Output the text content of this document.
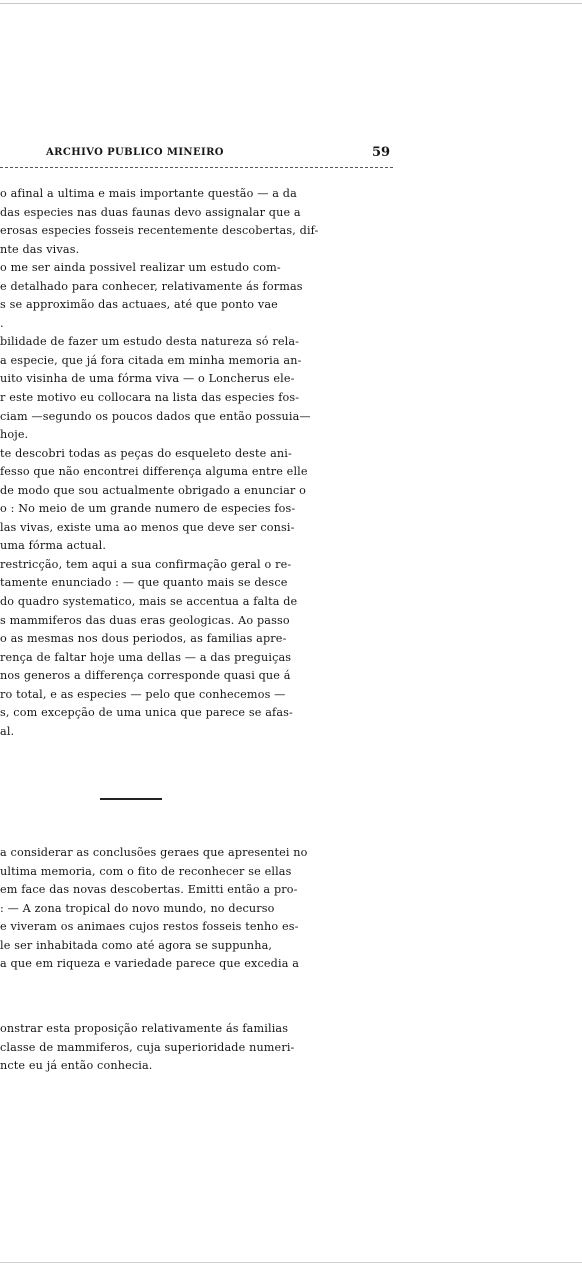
ARCHIVO PUBLICO MINEIRO	59
o afinal a ultima e mais importante questão — a da
das especies nas duas faunas devo assignalar que a
erosas especies fosseis recentemente descobertas, dif-
nte das vivas.
o me ser ainda possivel realizar um estudo com-
e detalhado para conhecer, relativamente ás formas
s se approximão das actuaes, até que ponto vae
.
bilidade de fazer um estudo desta natureza só rela-
a especie, que já fora citada em minha memoria an-
uito visinha de uma fórma viva — o Loncherus ele-
r este motivo eu collocara na lista das especies fos-
ciam —segundo os poucos dados que então possuia—
hoje.
te descobri todas as peças do esqueleto deste ani-
fesso que não encontrei differença alguma entre elle
de modo que sou actualmente obrigado a enunciar o
o : No meio de um grande numero de especies fos-
las vivas, existe uma ao menos que deve ser consi-
uma fórma actual.
restricção, tem aqui a sua confirmação geral o re-
tamente enunciado : — que quanto mais se desce
do quadro systematico, mais se accentua a falta de
s mammiferos das duas eras geologicas. Ao passo
o as mesmas nos dous periodos, as familias apre-
rença de faltar hoje uma dellas — a das preguiças
nos generos a differença corresponde quasi que á
ro total, e as especies — pelo que conhecemos —
s, com excepção de uma unica que parece se afas-
al.
a considerar as conclusões geraes que apresentei no
ultima memoria, com o fito de reconhecer se ellas
em face das novas descobertas. Emitti então a pro-
: — A zona tropical do novo mundo, no decurso
e viveram os animaes cujos restos fosseis tenho es-
le ser inhabitada como até agora se suppunha,
a que em riqueza e variedade parece que excedia a
onstrar esta proposição relativamente ás familias
classe de mammiferos, cuja superioridade numeri-
ncte eu já então conhecia.
